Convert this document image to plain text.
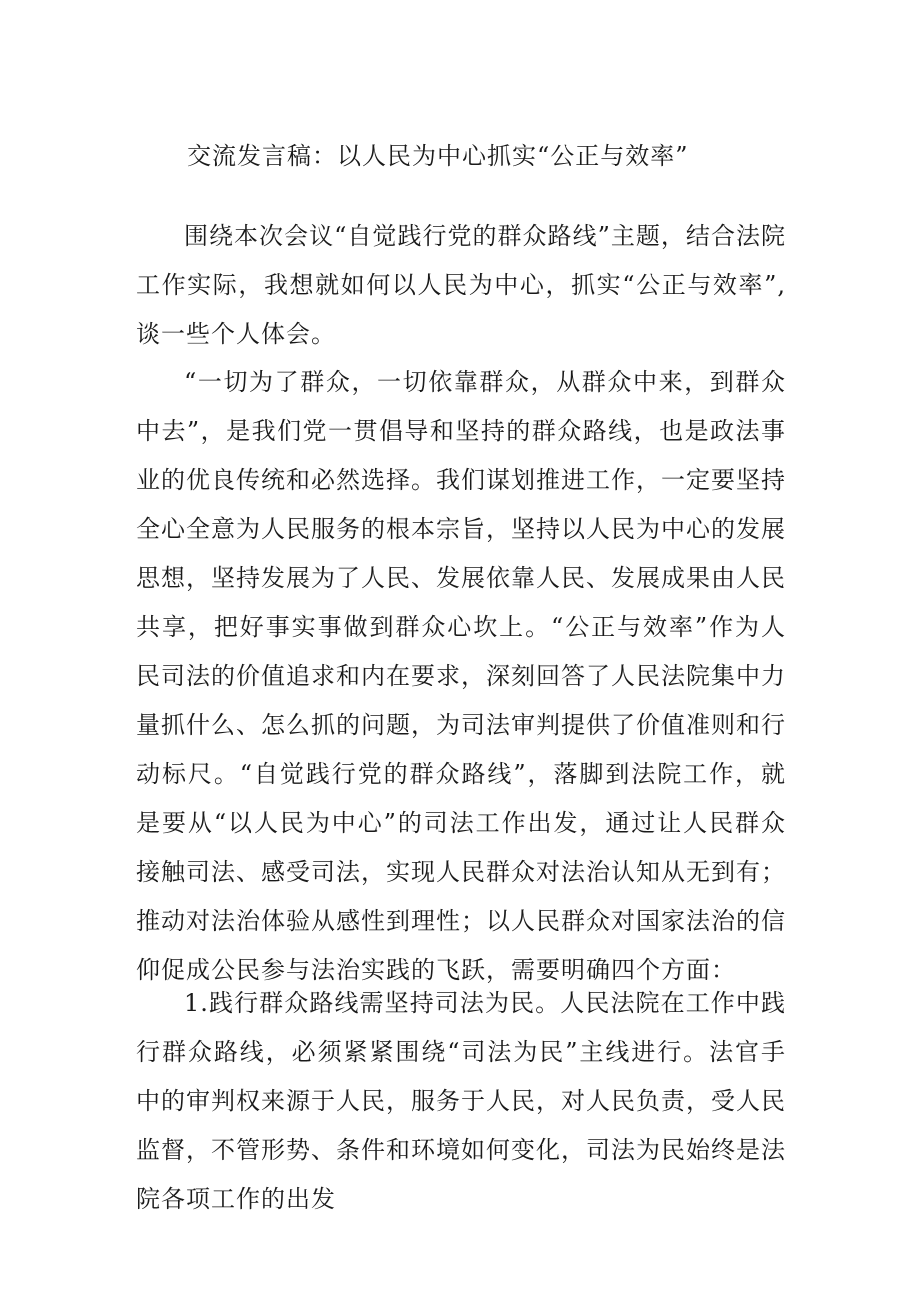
交流发言稿：以人民为中心抓实“公正与效率”

围绕本次会议“自觉践行党的群众路线”主题，结合法院工作实际，我想就如何以人民为中心，抓实“公正与效率”,谈一些个人体会。

“一切为了群众，一切依靠群众，从群众中来，到群众中去”，是我们党一贯倡导和坚持的群众路线，也是政法事业的优良传统和必然选择。我们谋划推进工作，一定要坚持全心全意为人民服务的根本宗旨，坚持以人民为中心的发展思想，坚持发展为了人民、发展依靠人民、发展成果由人民共享，把好事实事做到群众心坎上。“公正与效率”作为人民司法的价值追求和内在要求，深刻回答了人民法院集中力量抓什么、怎么抓的问题，为司法审判提供了价值准则和行动标尺。“自觉践行党的群众路线”，落脚到法院工作，就是要从“以人民为中心”的司法工作出发，通过让人民群众接触司法、感受司法，实现人民群众对法治认知从无到有；推动对法治体验从感性到理性；以人民群众对国家法治的信仰促成公民参与法治实践的飞跃，需要明确四个方面：

1.践行群众路线需坚持司法为民。人民法院在工作中践行群众路线，必须紧紧围绕“司法为民”主线进行。法官手中的审判权来源于人民，服务于人民，对人民负责，受人民监督，不管形势、条件和环境如何变化，司法为民始终是法院各项工作的出发
